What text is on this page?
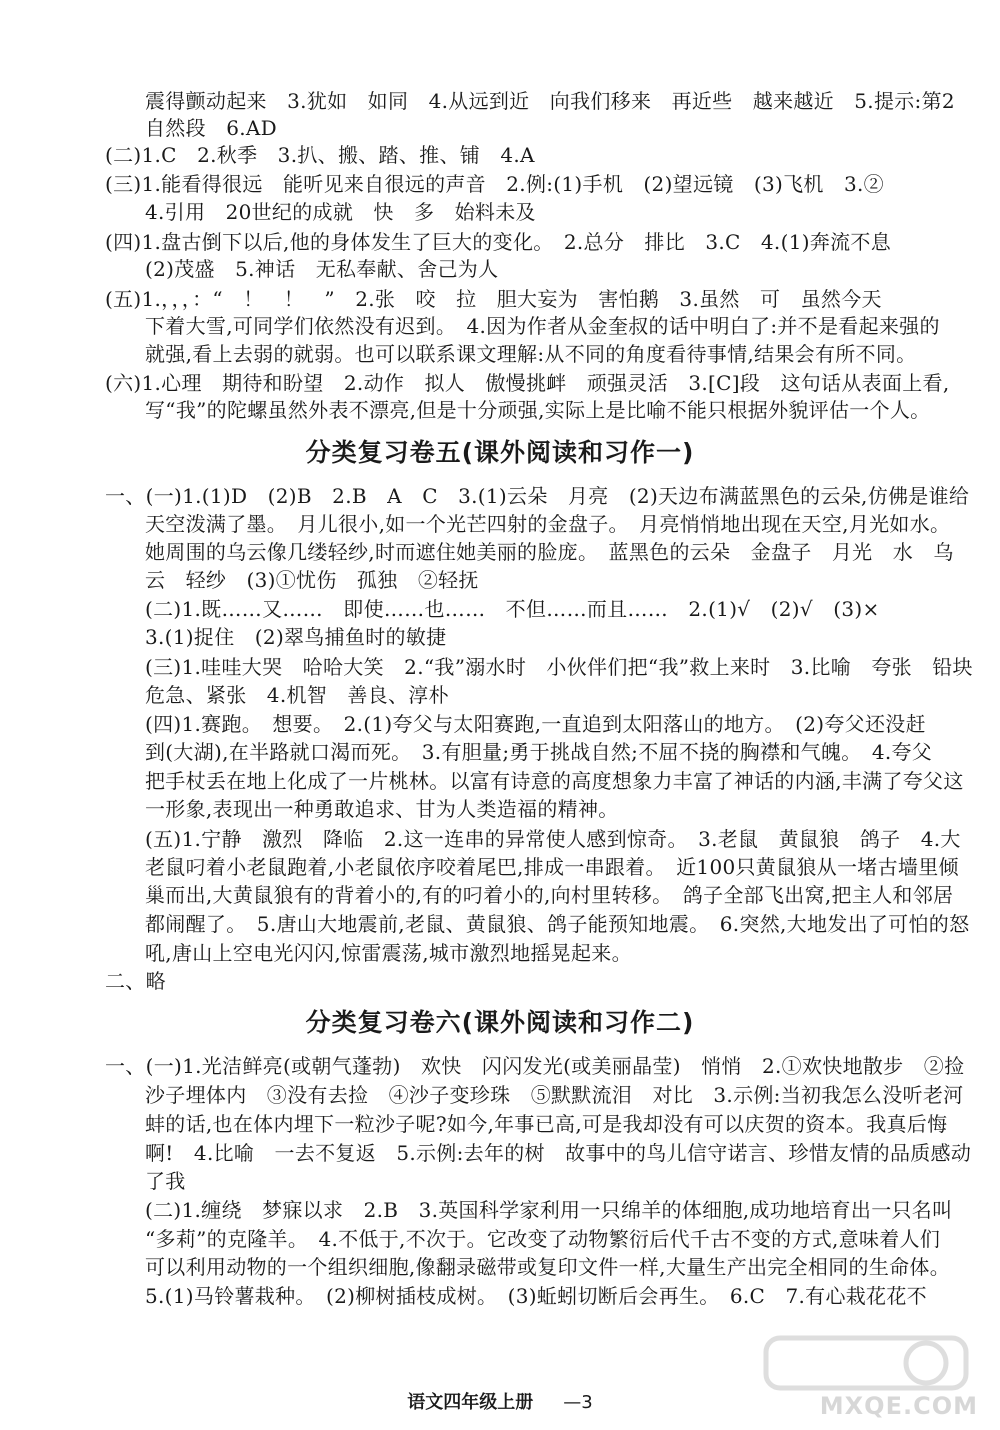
震得颤动起来　3.犹如　如同　4.从远到近　向我们移来　再近些　越来越近　5.提示:第2
自然段　6.AD
(二)1.C　2.秋季　3.扒、搬、踏、推、铺　4.A
(三)1.能看得很远　能听见来自很远的声音　2.例:(1)手机　(2)望远镜　(3)飞机　3.②
4.引用　20世纪的成就　快　多　始料未及
(四)1.盘古倒下以后,他的身体发生了巨大的变化。　2.总分　排比　3.C　4.(1)奔流不息
(2)茂盛　5.神话　无私奉献、舍己为人
(五)1.，，，：“　！　！　”　2.张　咬　拉　胆大妄为　害怕鹅　3.虽然　可　虽然今天
下着大雪,可同学们依然没有迟到。　4.因为作者从金奎叔的话中明白了:并不是看起来强的
就强,看上去弱的就弱。也可以联系课文理解:从不同的角度看待事情,结果会有所不同。
(六)1.心理　期待和盼望　2.动作　拟人　傲慢挑衅　顽强灵活　3.[C]段　这句话从表面上看,
写“我”的陀螺虽然外表不漂亮,但是十分顽强,实际上是比喻不能只根据外貌评估一个人。
分类复习卷五(课外阅读和习作一)
一、(一)1.(1)D　(2)B　2.B　A　C　3.(1)云朵　月亮　(2)天边布满蓝黑色的云朵,仿佛是谁给
天空泼满了墨。　月儿很小,如一个光芒四射的金盘子。　月亮悄悄地出现在天空,月光如水。
她周围的乌云像几缕轻纱,时而遮住她美丽的脸庞。　蓝黑色的云朵　金盘子　月光　水　乌
云　轻纱　(3)①忧伤　孤独　②轻抚
(二)1.既……又……　即使……也……　不但……而且……　2.(1)√　(2)√　(3)×
3.(1)捉住　(2)翠鸟捕鱼时的敏捷
(三)1.哇哇大哭　哈哈大笑　2.“我”溺水时　小伙伴们把“我”救上来时　3.比喻　夸张　铅块
危急、紧张　4.机智　善良、淳朴
(四)1.赛跑。　想要。　2.(1)夸父与太阳赛跑,一直追到太阳落山的地方。　(2)夸父还没赶
到(大湖),在半路就口渴而死。　3.有胆量;勇于挑战自然;不屈不挠的胸襟和气魄。　4.夸父
把手杖丢在地上化成了一片桃林。以富有诗意的高度想象力丰富了神话的内涵,丰满了夸父这
一形象,表现出一种勇敢追求、甘为人类造福的精神。
(五)1.宁静　激烈　降临　2.这一连串的异常使人感到惊奇。　3.老鼠　黄鼠狼　鸽子　4.大
老鼠叼着小老鼠跑着,小老鼠依序咬着尾巴,排成一串跟着。　近100只黄鼠狼从一堵古墙里倾
巢而出,大黄鼠狼有的背着小的,有的叼着小的,向村里转移。　鸽子全部飞出窝,把主人和邻居
都闹醒了。　5.唐山大地震前,老鼠、黄鼠狼、鸽子能预知地震。　6.突然,大地发出了可怕的怒
吼,唐山上空电光闪闪,惊雷震荡,城市激烈地摇晃起来。
二、略
分类复习卷六(课外阅读和习作二)
一、(一)1.光洁鲜亮(或朝气蓬勃)　欢快　闪闪发光(或美丽晶莹)　悄悄　2.①欢快地散步　②捡
沙子埋体内　③没有去捡　④沙子变珍珠　⑤默默流泪　对比　3.示例:当初我怎么没听老河
蚌的话,也在体内埋下一粒沙子呢?如今,年事已高,可是我却没有可以庆贺的资本。我真后悔
啊!　4.比喻　一去不复返　5.示例:去年的树　故事中的鸟儿信守诺言、珍惜友情的品质感动
了我
(二)1.缠绕　梦寐以求　2.B　3.英国科学家利用一只绵羊的体细胞,成功地培育出一只名叫
“多莉”的克隆羊。　4.不低于,不次于。它改变了动物繁衍后代千古不变的方式,意味着人们
可以利用动物的一个组织细胞,像翻录磁带或复印文件一样,大量生产出完全相同的生命体。
5.(1)马铃薯栽种。　(2)柳树插枝成树。　(3)蚯蚓切断后会再生。　6.C　7.有心栽花花不
语文四年级上册 —3	MXQE.COM
